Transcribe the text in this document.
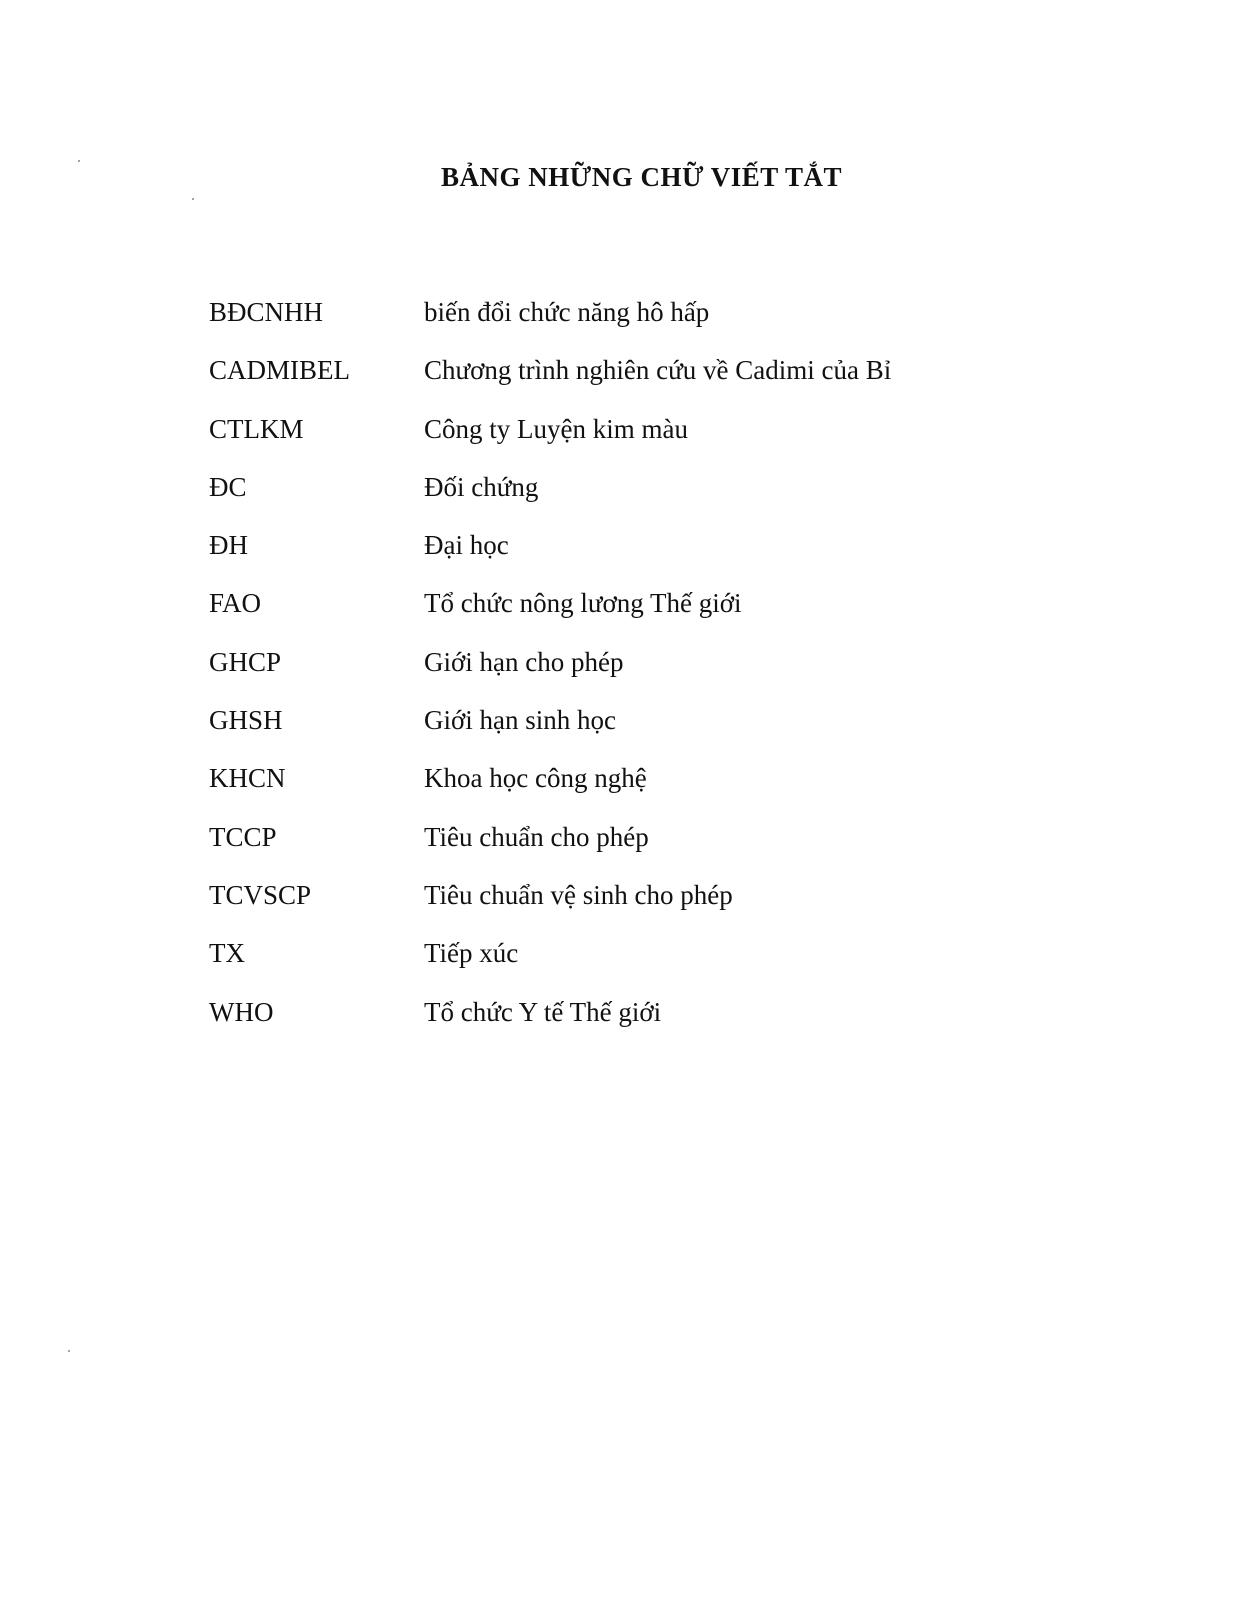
BẢNG NHỮNG CHỮ VIẾT TẮT
BĐCNHH	biến đổi chức năng hô hấp
CADMIBEL	Chương trình nghiên cứu về Cadimi của Bỉ
CTLKM	Công ty Luyện kim màu
ĐC	Đối chứng
ĐH	Đại học
FAO	Tổ chức nông lương Thế giới
GHCP	Giới hạn cho phép
GHSH	Giới hạn sinh học
KHCN	Khoa học công nghệ
TCCP	Tiêu chuẩn cho phép
TCVSCP	Tiêu chuẩn vệ sinh cho phép
TX	Tiếp xúc
WHO	Tổ chức Y tế Thế giới
